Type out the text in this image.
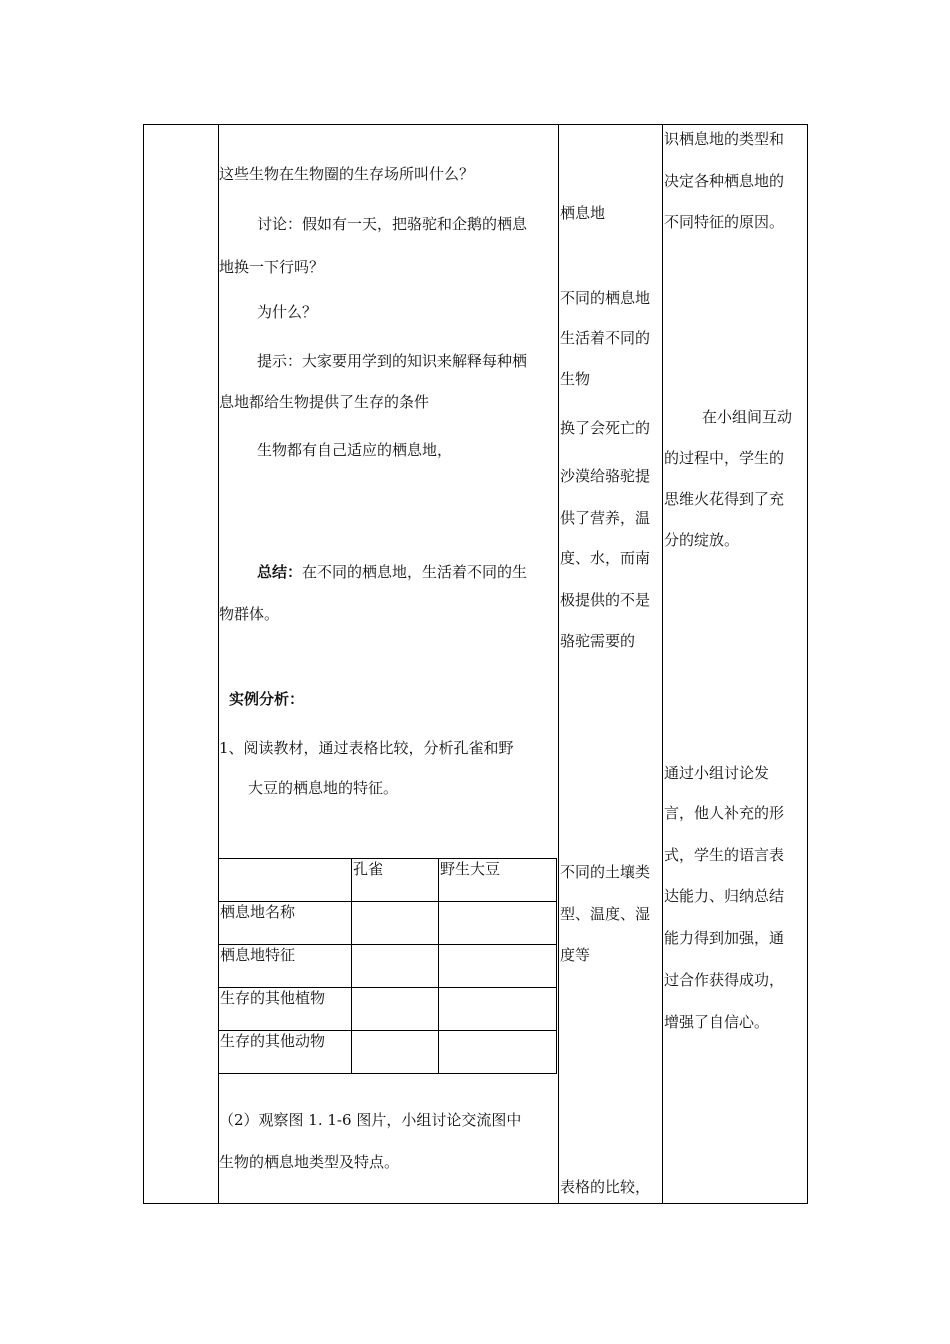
这些生物在生物圈的生存场所叫什么？
讨论：假如有一天，把骆驼和企鹅的栖息
地换一下行吗？
为什么？
提示：大家要用学到的知识来解释每种栖
息地都给生物提供了生存的条件
生物都有自己适应的栖息地，
总结：在不同的栖息地，生活着不同的生
物群体。
实例分析：
1、阅读教材，通过表格比较，分析孔雀和野
大豆的栖息地的特征。
	孔雀	野生大豆
栖息地名称		
栖息地特征		
生存的其他植物		
生存的其他动物		
（2）观察图 1. 1-6 图片，小组讨论交流图中
生物的栖息地类型及特点。
栖息地
不同的栖息地
生活着不同的
生物
换了会死亡的
沙漠给骆驼提
供了营养，温
度、水，而南
极提供的不是
骆驼需要的
不同的土壤类
型、温度、湿
度等
表格的比较，
识栖息地的类型和
决定各种栖息地的
不同特征的原因。
在小组间互动
的过程中，学生的
思维火花得到了充
分的绽放。
通过小组讨论发
言，他人补充的形
式，学生的语言表
达能力、归纳总结
能力得到加强，通
过合作获得成功，
增强了自信心。
